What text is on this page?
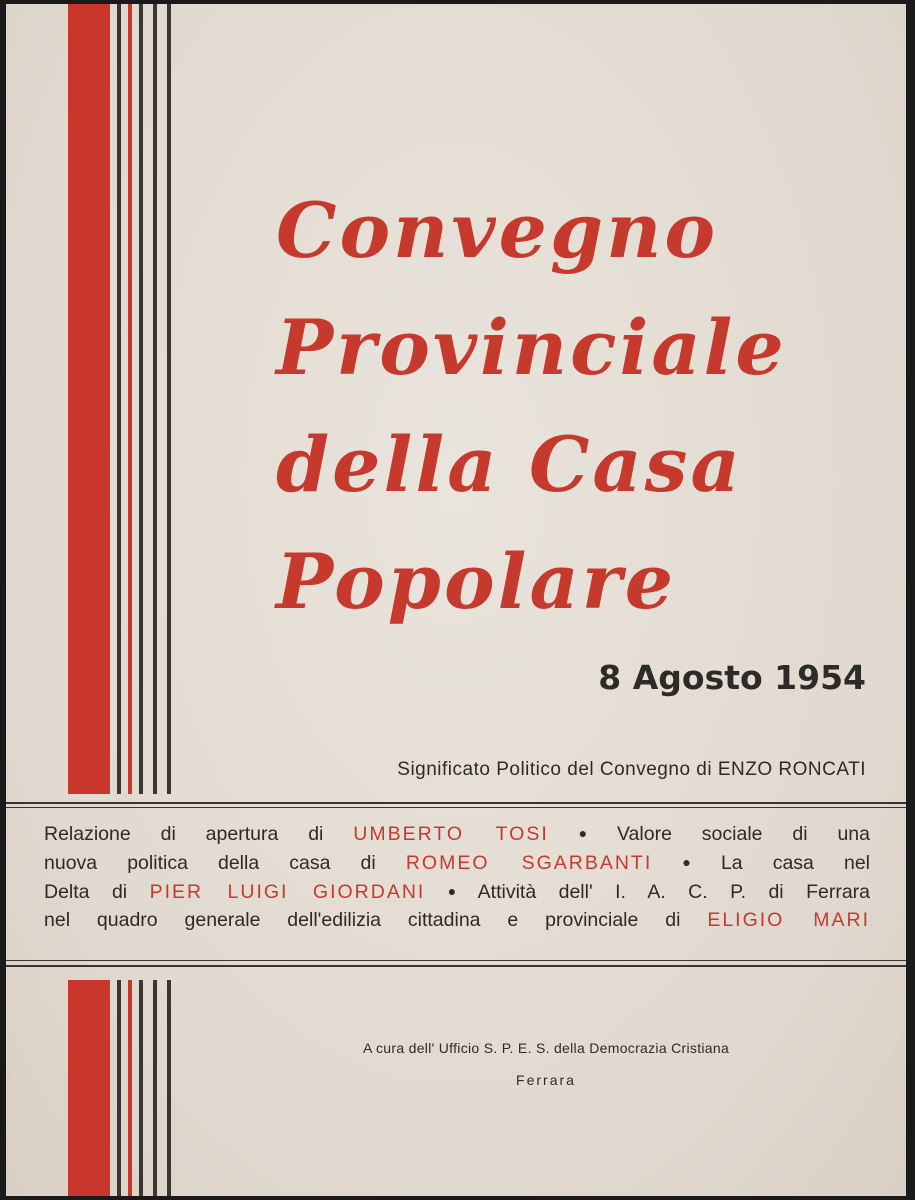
Convegno
Provinciale
della Casa
Popolare
8 Agosto 1954
Significato Politico del Convegno di ENZO RONCATI
Relazione di apertura di UMBERTO TOSI ● Valore sociale di una
nuova politica della casa di ROMEO SGARBANTI ● La casa nel
Delta di PIER LUIGI GIORDANI ● Attività dell' I. A. C. P. di Ferrara
nel quadro generale dell'edilizia cittadina e provinciale di ELIGIO MARI
A cura dell' Ufficio S. P. E. S. della Democrazia Cristiana
Ferrara
